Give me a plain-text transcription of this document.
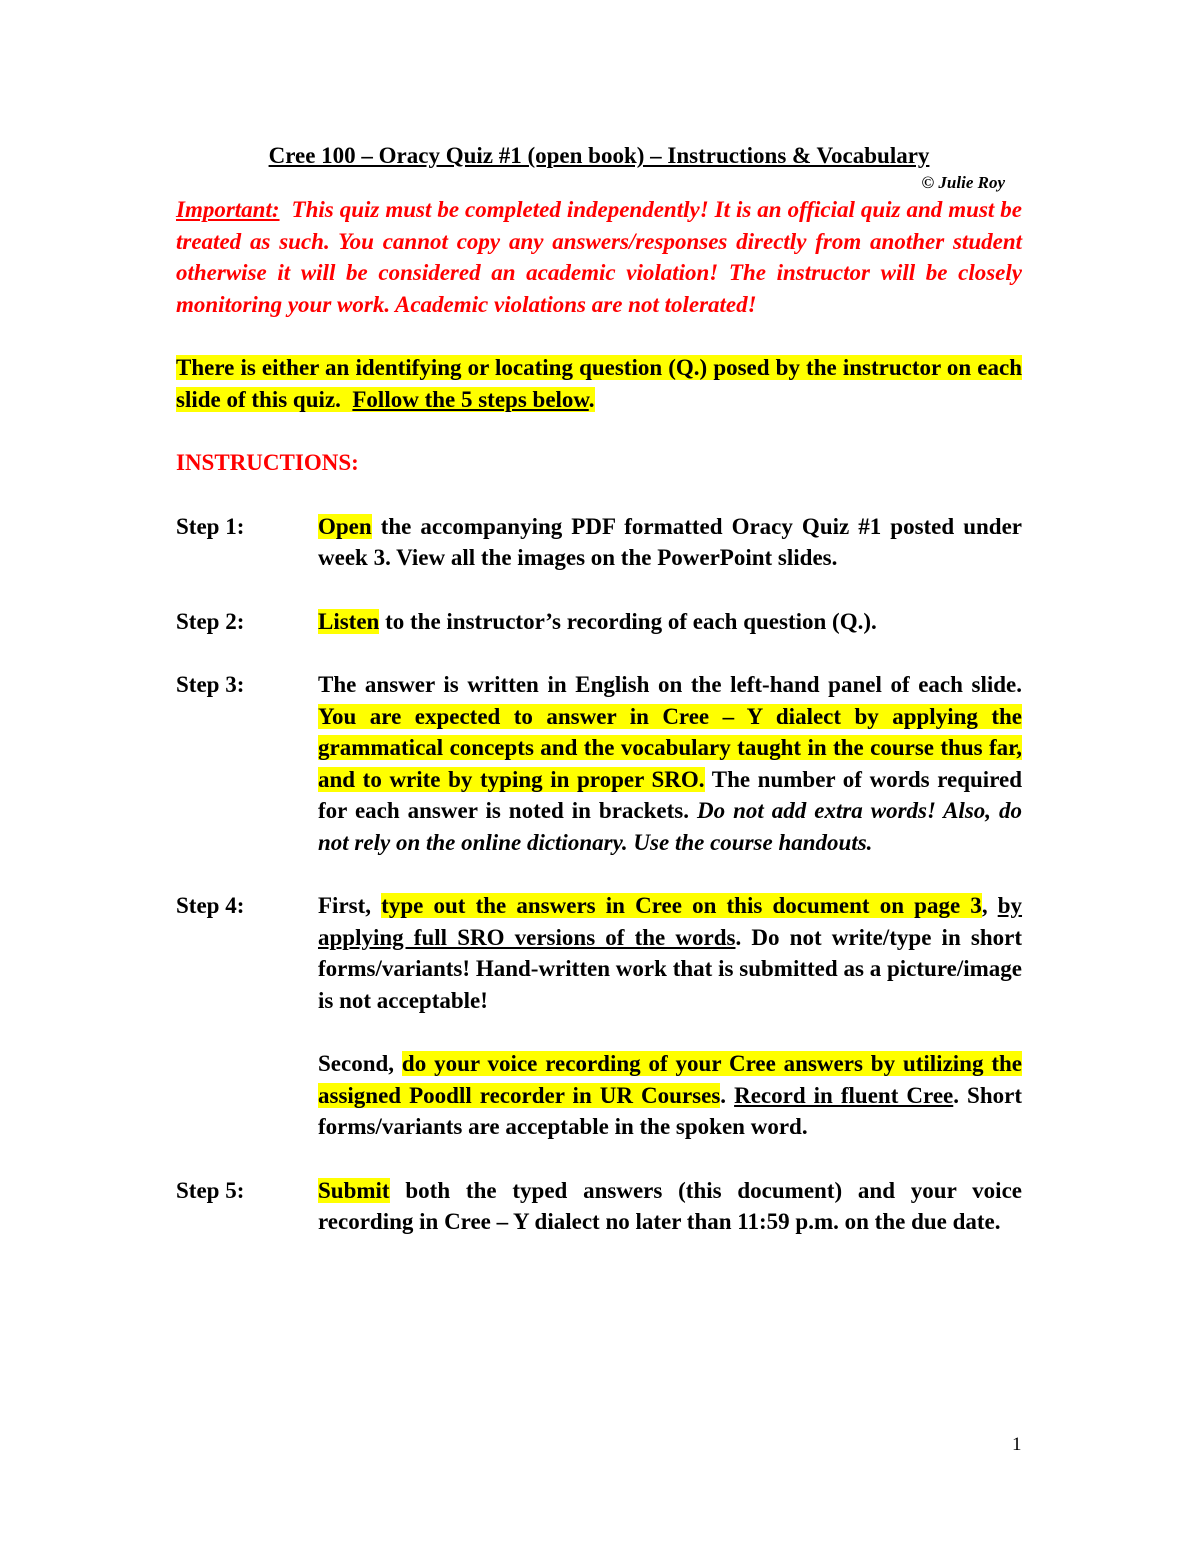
Cree 100 – Oracy Quiz #1 (open book) – Instructions & Vocabulary

© Julie Roy

Important: This quiz must be completed independently! It is an official quiz and must be treated as such. You cannot copy any answers/responses directly from another student otherwise it will be considered an academic violation! The instructor will be closely monitoring your work. Academic violations are not tolerated!

There is either an identifying or locating question (Q.) posed by the instructor on each slide of this quiz. Follow the 5 steps below.

INSTRUCTIONS:

Step 1:	Open the accompanying PDF formatted Oracy Quiz #1 posted under week 3. View all the images on the PowerPoint slides.

Step 2:	Listen to the instructor’s recording of each question (Q.).

Step 3:	The answer is written in English on the left-hand panel of each slide. You are expected to answer in Cree – Y dialect by applying the grammatical concepts and the vocabulary taught in the course thus far, and to write by typing in proper SRO. The number of words required for each answer is noted in brackets. Do not add extra words! Also, do not rely on the online dictionary. Use the course handouts.

Step 4:	First, type out the answers in Cree on this document on page 3, by applying full SRO versions of the words. Do not write/type in short forms/variants! Hand-written work that is submitted as a picture/image is not acceptable!

Second, do your voice recording of your Cree answers by utilizing the assigned Poodll recorder in UR Courses. Record in fluent Cree. Short forms/variants are acceptable in the spoken word.

Step 5:	Submit both the typed answers (this document) and your voice recording in Cree – Y dialect no later than 11:59 p.m. on the due date.

1
